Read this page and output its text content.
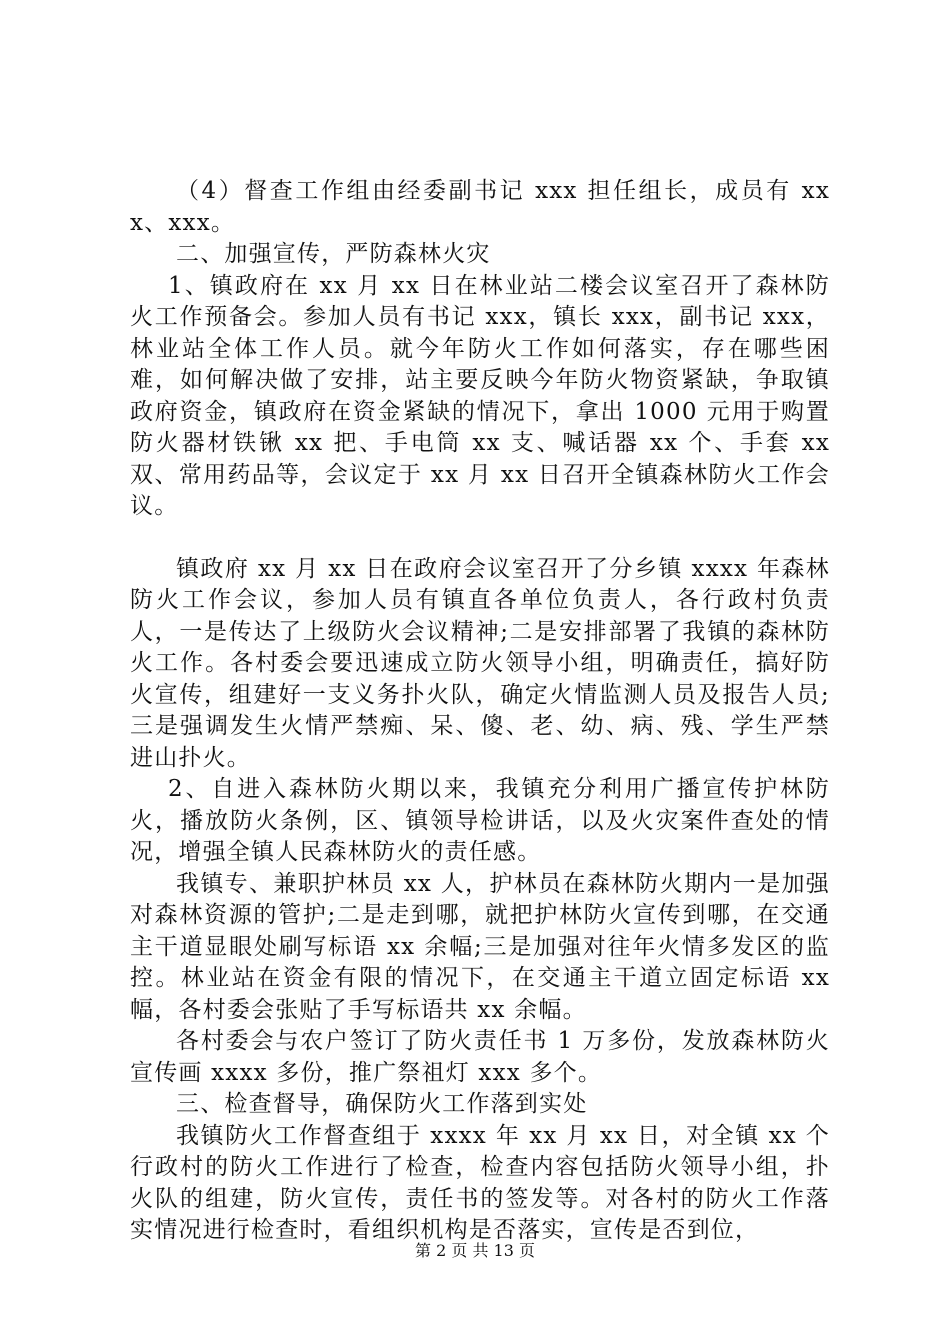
（4）督查工作组由经委副书记 xxx 担任组长，成员有 xxx、xxx。

二、加强宣传，严防森林火灾

1、镇政府在 xx 月 xx 日在林业站二楼会议室召开了森林防火工作预备会。参加人员有书记 xxx，镇长 xxx，副书记 xxx，林业站全体工作人员。就今年防火工作如何落实，存在哪些困难，如何解决做了安排，站主要反映今年防火物资紧缺，争取镇政府资金，镇政府在资金紧缺的情况下，拿出 1000 元用于购置防火器材铁锹 xx 把、手电筒 xx 支、喊话器 xx 个、手套 xx 双、常用药品等，会议定于 xx 月 xx 日召开全镇森林防火工作会议。

镇政府 xx 月 xx 日在政府会议室召开了分乡镇 xxxx 年森林防火工作会议，参加人员有镇直各单位负责人，各行政村负责人，一是传达了上级防火会议精神;二是安排部署了我镇的森林防火工作。各村委会要迅速成立防火领导小组，明确责任，搞好防火宣传，组建好一支义务扑火队，确定火情监测人员及报告人员;三是强调发生火情严禁痴、呆、傻、老、幼、病、残、学生严禁进山扑火。

2、自进入森林防火期以来，我镇充分利用广播宣传护林防火，播放防火条例，区、镇领导检讲话，以及火灾案件查处的情况，增强全镇人民森林防火的责任感。

我镇专、兼职护林员 xx 人，护林员在森林防火期内一是加强对森林资源的管护;二是走到哪，就把护林防火宣传到哪，在交通主干道显眼处刷写标语 xx 余幅;三是加强对往年火情多发区的监控。林业站在资金有限的情况下，在交通主干道立固定标语 xx 幅，各村委会张贴了手写标语共 xx 余幅。

各村委会与农户签订了防火责任书 1 万多份，发放森林防火宣传画 xxxx 多份，推广祭祖灯 xxx 多个。

三、检查督导，确保防火工作落到实处

我镇防火工作督查组于 xxxx 年 xx 月 xx 日，对全镇 xx 个行政村的防火工作进行了检查，检查内容包括防火领导小组，扑火队的组建，防火宣传，责任书的签发等。对各村的防火工作落实情况进行检查时，看组织机构是否落实，宣传是否到位，

第 2 页 共 13 页
